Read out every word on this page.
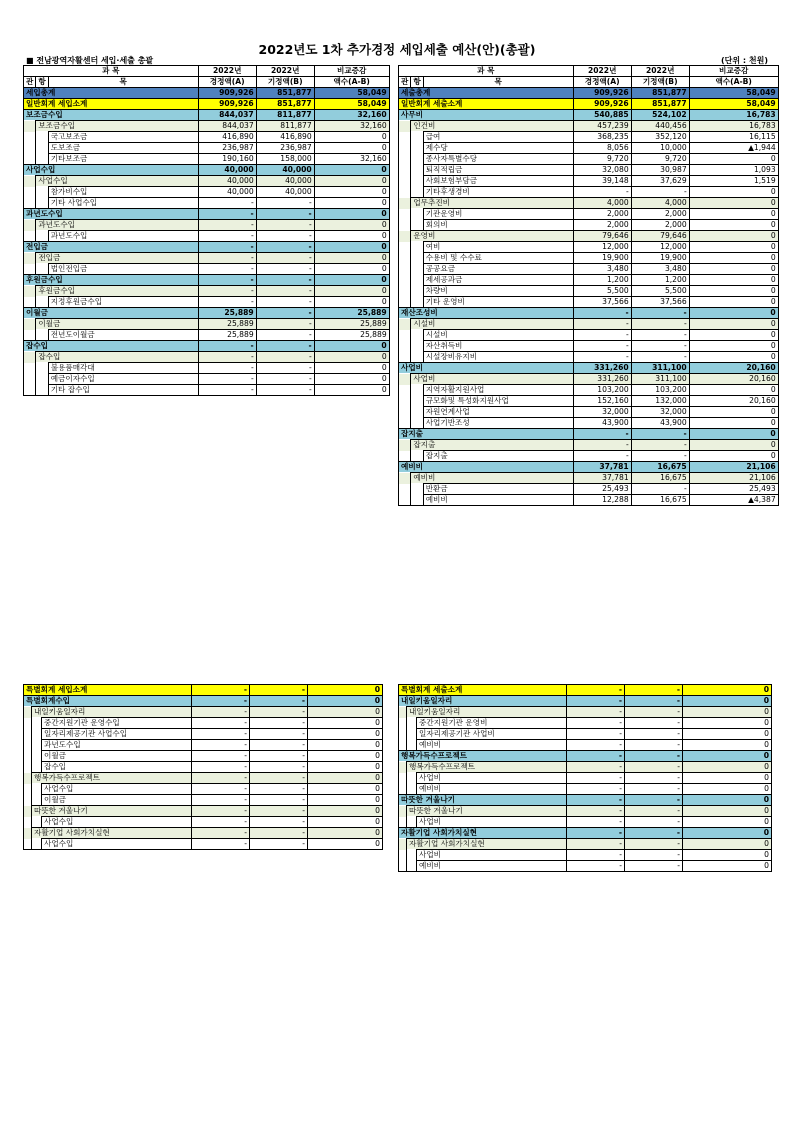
2022년도 1차 추가경정 세입세출 예산(안)(총괄)
■ 전남광역자활센터 세입·세출 총괄	(단위 : 천원)
과 목			2022년	2022년	비교증감
관	항	목	경정액(A)	기정액(B)	액수(A-B)
세입총계			909,926	851,877	58,049
일반회계 세입소계			909,926	851,877	58,049
보조금수입			844,037	811,877	32,160
	보조금수입		844,037	811,877	32,160
		국고보조금	416,890	416,890	0
		도보조금	236,987	236,987	0
		기타보조금	190,160	158,000	32,160
사업수입			40,000	40,000	0
	사업수입		40,000	40,000	0
		참가비수입	40,000	40,000	0
		기타 사업수입	-	-	0
과년도수입			-	-	0
	과년도수입		-	-	0
		과년도수입	-	-	0
전입금			-	-	0
	전입금		-	-	0
		법인전입금	-	-	0
후원금수입			-	-	0
	후원금수입		-	-	0
		지정후원금수입	-	-	0
이월금			25,889	-	25,889
	이월금		25,889	-	25,889
		전년도이월금	25,889	-	25,889
잡수입			-	-	0
	잡수입		-	-	0
		불용품매각대	-	-	0
		예금이자수입	-	-	0
		기타 잡수입	-	-	0
과 목			2022년	2022년	비교증감
관	항	목	경정액(A)	기정액(B)	액수(A-B)
세출총계			909,926	851,877	58,049
일반회계 세출소계			909,926	851,877	58,049
사무비			540,885	524,102	16,783
	인건비		457,239	440,456	16,783
		급여	368,235	352,120	16,115
		제수당	8,056	10,000	▲1,944
		종사자특별수당	9,720	9,720	0
		퇴직적립금	32,080	30,987	1,093
		사회보험부담금	39,148	37,629	1,519
		기타후생경비	-	-	0
	업무추진비		4,000	4,000	0
		기관운영비	2,000	2,000	0
		회의비	2,000	2,000	0
	운영비		79,646	79,646	0
		여비	12,000	12,000	0
		수용비 및 수수료	19,900	19,900	0
		공공요금	3,480	3,480	0
		제세공과금	1,200	1,200	0
		차량비	5,500	5,500	0
		기타 운영비	37,566	37,566	0
재산조성비			-	-	0
	시설비		-	-	0
		시설비	-	-	0
		자산취득비	-	-	0
		시설장비유지비	-	-	0
사업비			331,260	311,100	20,160
	사업비		331,260	311,100	20,160
		지역자활지원사업	103,200	103,200	0
		규모화및 특성화지원사업	152,160	132,000	20,160
		자원연계사업	32,000	32,000	0
		사업기반조성	43,900	43,900	0
잡지출			-	-	0
	잡지출		-	-	0
		잡지출	-	-	0
예비비			37,781	16,675	21,106
	예비비		37,781	16,675	21,106
		반환금	25,493	-	25,493
		예비비	12,288	16,675	▲4,387
특별회계 세입소계			-	-	0
특별회계수입			-	-	0
	내일키움일자리		-	-	0
		중간지원기관 운영수입	-	-	0
		일자리제공기관 사업수입	-	-	0
		과년도수입	-	-	0
		이월금	-	-	0
		잡수입	-	-	0
	행복가득수프로젝트		-	-	0
		사업수입	-	-	0
		이월금	-	-	0
	따뜻한 겨울나기		-	-	0
		사업수입	-	-	0
	자활기업 사회가치실현		-	-	0
		사업수입	-	-	0
특별회계 세출소계			-	-	0
내일키움일자리			-	-	0
	내일키움일자리		-	-	0
		중간지원기관 운영비	-	-	0
		일자리제공기관 사업비	-	-	0
		예비비	-	-	0
행복가득수프로젝트			-	-	0
	행복가득수프로젝트		-	-	0
		사업비	-	-	0
		예비비	-	-	0
따뜻한 겨울나기			-	-	0
	따뜻한 겨울나기		-	-	0
		사업비	-	-	0
자활기업 사회가치실현			-	-	0
	자활기업 사회가치실현		-	-	0
		사업비	-	-	0
		예비비	-	-	0
